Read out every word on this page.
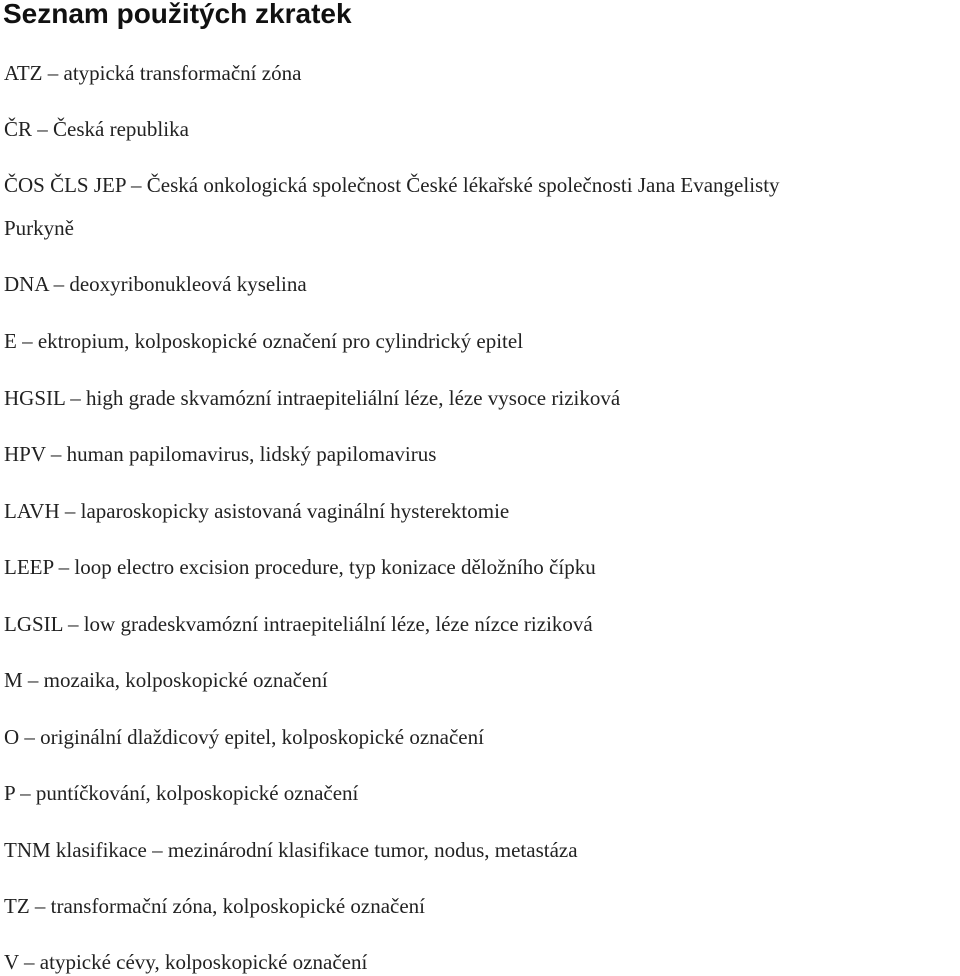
Seznam použitých zkratek

ATZ – atypická transformační zóna

ČR – Česká republika

ČOS ČLS JEP – Česká onkologická společnost České lékařské společnosti Jana Evangelisty

Purkyně

DNA – deoxyribonukleová kyselina

E – ektropium, kolposkopické označení pro cylindrický epitel

HGSIL – high grade skvamózní intraepiteliální léze, léze vysoce riziková

HPV – human papilomavirus, lidský papilomavirus

LAVH – laparoskopicky asistovaná vaginální hysterektomie

LEEP – loop electro excision procedure, typ konizace děložního čípku

LGSIL – low gradeskvamózní intraepiteliální léze, léze nízce riziková

M – mozaika, kolposkopické označení

O – originální dlaždicový epitel, kolposkopické označení

P – puntíčkování, kolposkopické označení

TNM klasifikace – mezinárodní klasifikace tumor, nodus, metastáza

TZ – transformační zóna, kolposkopické označení

V – atypické cévy, kolposkopické označení
